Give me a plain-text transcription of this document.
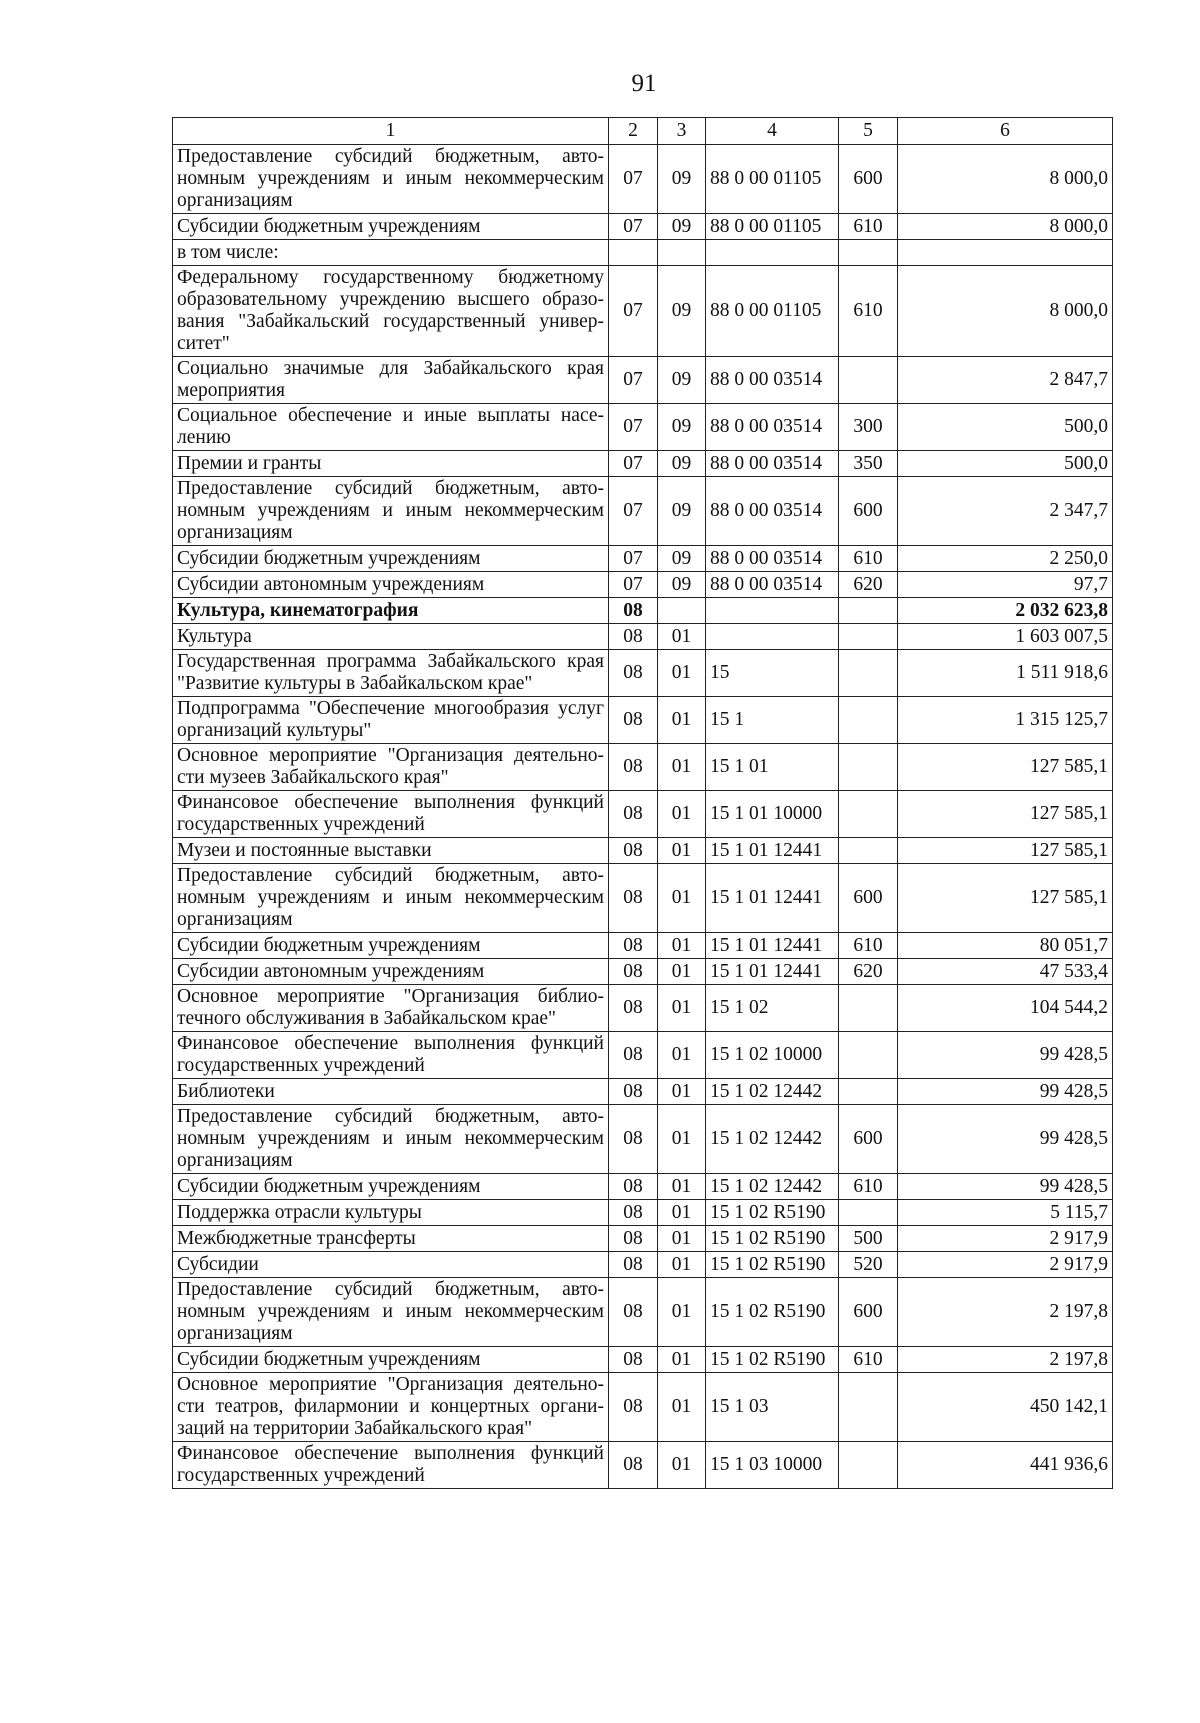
91
1	2	3	4	5	6
Предоставление субсидий бюджетным, автономным учреждениям и иным некоммерческим организациям	07	09	88 0 00 01105	600	8 000,0
Субсидии бюджетным учреждениям	07	09	88 0 00 01105	610	8 000,0
в том числе:					
Федеральному государственному бюджетному образовательному учреждению высшего образования "Забайкальский государственный университет"	07	09	88 0 00 01105	610	8 000,0
Социально значимые для Забайкальского края мероприятия	07	09	88 0 00 03514		2 847,7
Социальное обеспечение и иные выплаты населению	07	09	88 0 00 03514	300	500,0
Премии и гранты	07	09	88 0 00 03514	350	500,0
Предоставление субсидий бюджетным, автономным учреждениям и иным некоммерческим организациям	07	09	88 0 00 03514	600	2 347,7
Субсидии бюджетным учреждениям	07	09	88 0 00 03514	610	2 250,0
Субсидии автономным учреждениям	07	09	88 0 00 03514	620	97,7
Культура, кинематография	08				2 032 623,8
Культура	08	01			1 603 007,5
Государственная программа Забайкальского края "Развитие культуры в Забайкальском крае"	08	01	15		1 511 918,6
Подпрограмма "Обеспечение многообразия услуг организаций культуры"	08	01	15 1		1 315 125,7
Основное мероприятие "Организация деятельности музеев Забайкальского края"	08	01	15 1 01		127 585,1
Финансовое обеспечение выполнения функций государственных учреждений	08	01	15 1 01 10000		127 585,1
Музеи и постоянные выставки	08	01	15 1 01 12441		127 585,1
Предоставление субсидий бюджетным, автономным учреждениям и иным некоммерческим организациям	08	01	15 1 01 12441	600	127 585,1
Субсидии бюджетным учреждениям	08	01	15 1 01 12441	610	80 051,7
Субсидии автономным учреждениям	08	01	15 1 01 12441	620	47 533,4
Основное мероприятие "Организация библиотечного обслуживания в Забайкальском крае"	08	01	15 1 02		104 544,2
Финансовое обеспечение выполнения функций государственных учреждений	08	01	15 1 02 10000		99 428,5
Библиотеки	08	01	15 1 02 12442		99 428,5
Предоставление субсидий бюджетным, автономным учреждениям и иным некоммерческим организациям	08	01	15 1 02 12442	600	99 428,5
Субсидии бюджетным учреждениям	08	01	15 1 02 12442	610	99 428,5
Поддержка отрасли культуры	08	01	15 1 02 R5190		5 115,7
Межбюджетные трансферты	08	01	15 1 02 R5190	500	2 917,9
Субсидии	08	01	15 1 02 R5190	520	2 917,9
Предоставление субсидий бюджетным, автономным учреждениям и иным некоммерческим организациям	08	01	15 1 02 R5190	600	2 197,8
Субсидии бюджетным учреждениям	08	01	15 1 02 R5190	610	2 197,8
Основное мероприятие "Организация деятельности театров, филармонии и концертных организаций на территории Забайкальского края"	08	01	15 1 03		450 142,1
Финансовое обеспечение выполнения функций государственных учреждений	08	01	15 1 03 10000		441 936,6
